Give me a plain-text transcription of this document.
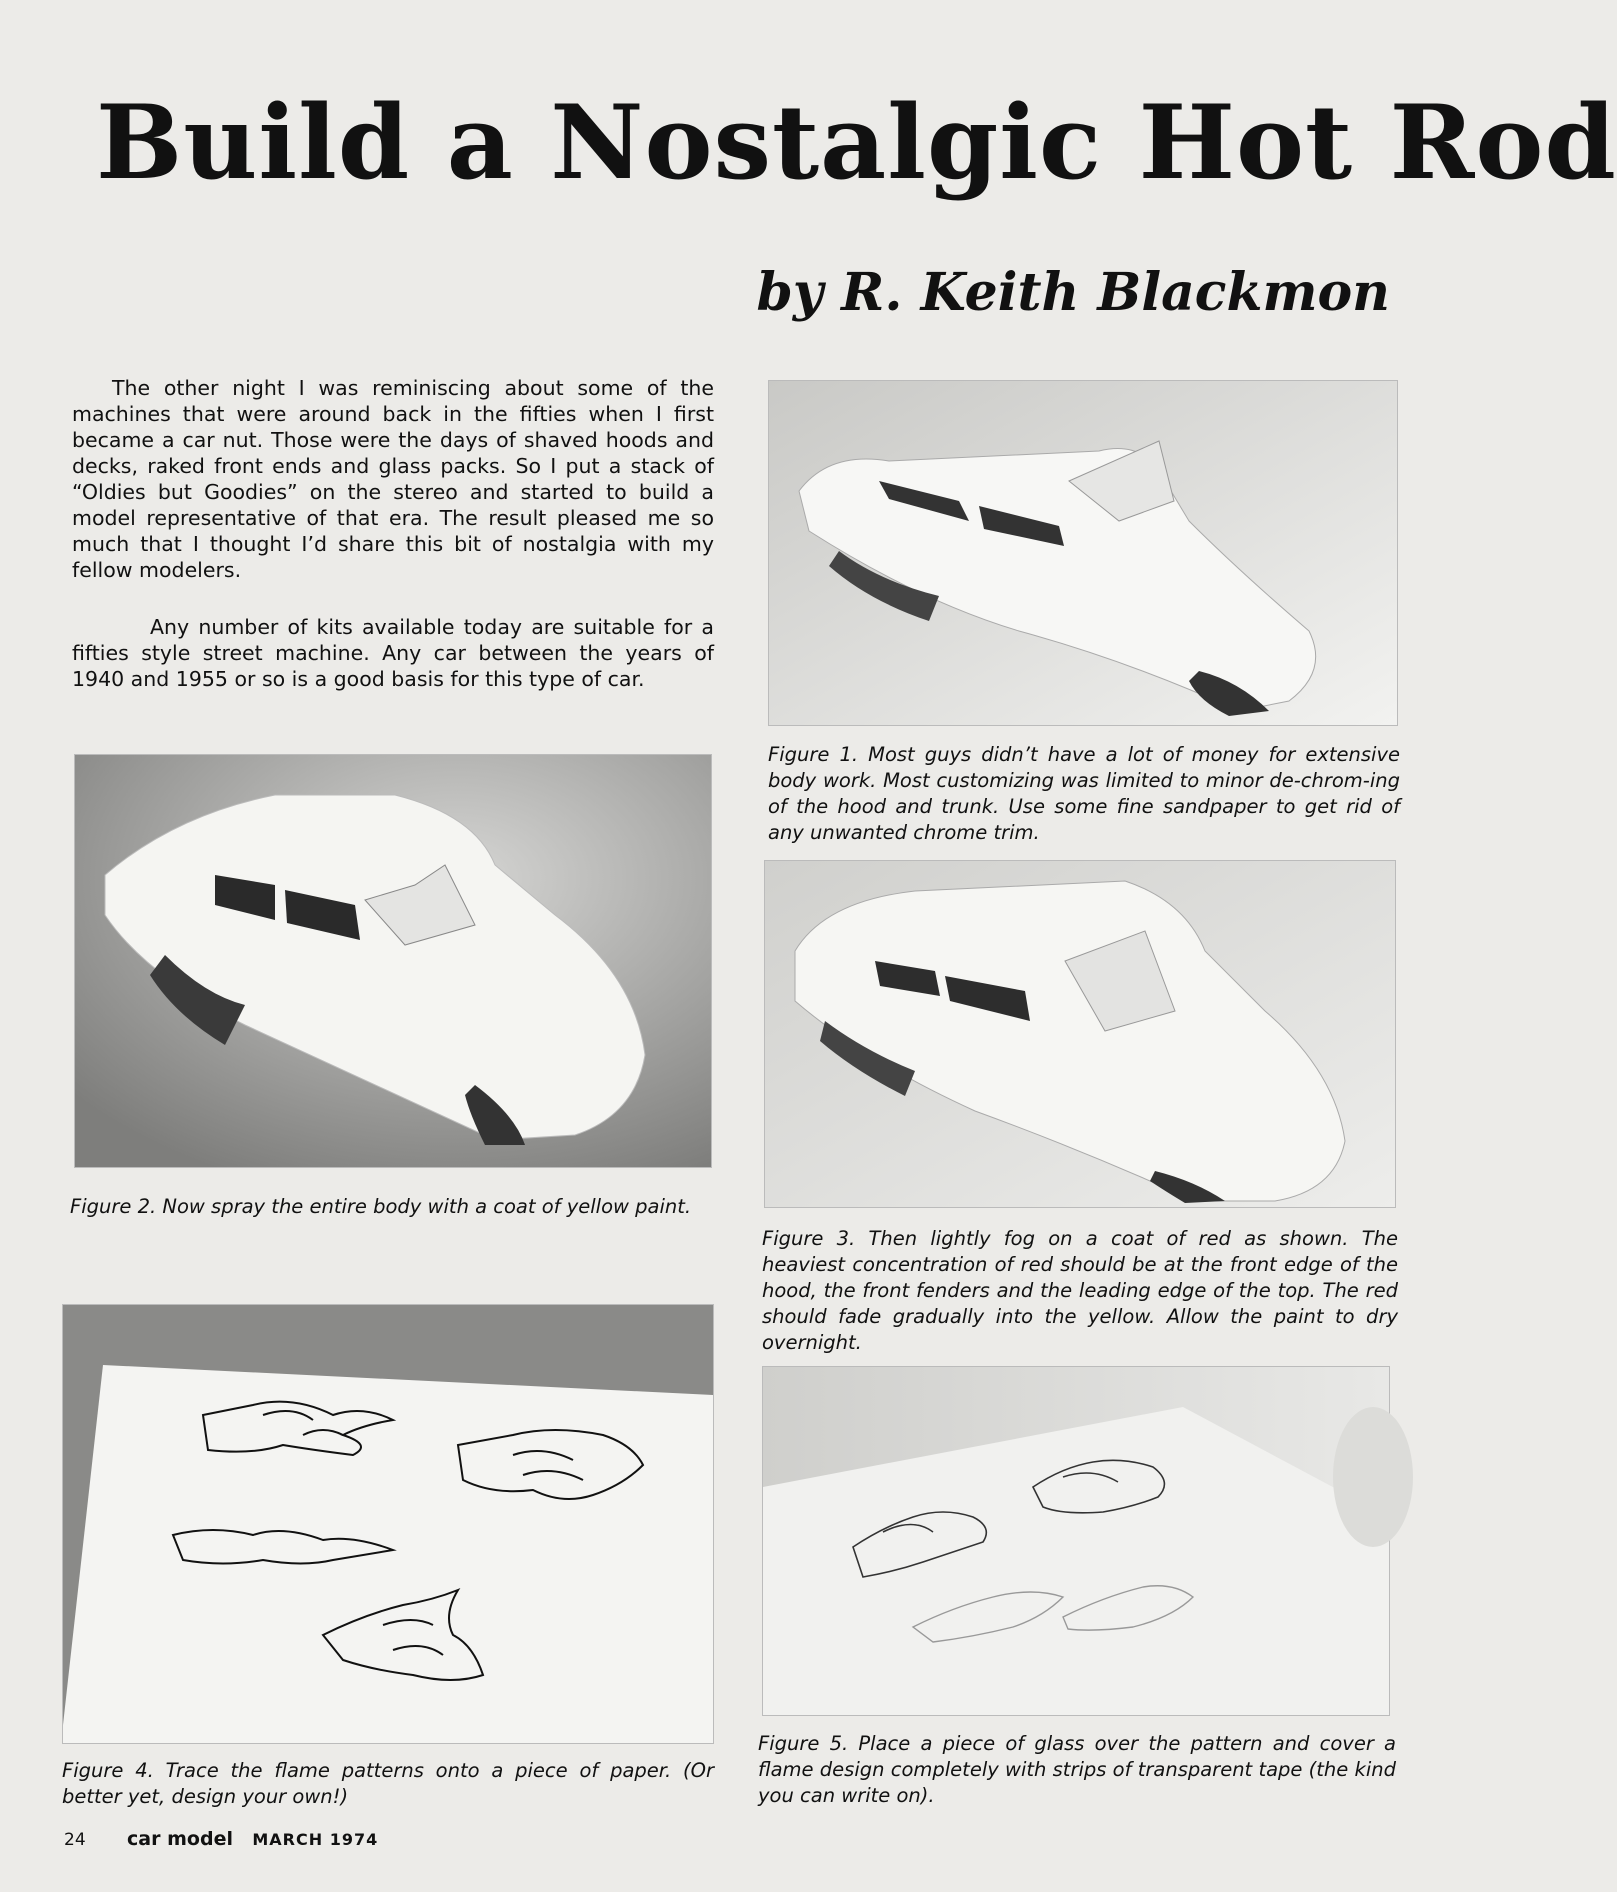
Build a Nostalgic Hot Rod
by R. Keith Blackmon

The other night I was reminiscing about some of the machines that were around back in the fifties when I first became a car nut. Those were the days of shaved hoods and decks, raked front ends and glass packs. So I put a stack of “Oldies but Goodies” on the stereo and started to build a model representative of that era. The result pleased me so much that I thought I’d share this bit of nostalgia with my fellow modelers.

Any number of kits available today are suitable for a fifties style street machine. Any car between the years of 1940 and 1955 or so is a good basis for this type of car.

Figure 1. Most guys didn’t have a lot of money for extensive body work. Most customizing was limited to minor de-chrom-ing of the hood and trunk. Use some fine sandpaper to get rid of any unwanted chrome trim.

Figure 2. Now spray the entire body with a coat of yellow paint.

Figure 3. Then lightly fog on a coat of red as shown. The heaviest concentration of red should be at the front edge of the hood, the front fenders and the leading edge of the top. The red should fade gradually into the yellow. Allow the paint to dry overnight.

Figure 4. Trace the flame patterns onto a piece of paper. (Or better yet, design your own!)

Figure 5. Place a piece of glass over the pattern and cover a flame design completely with strips of transparent tape (the kind you can write on).

24 car model MARCH 1974
